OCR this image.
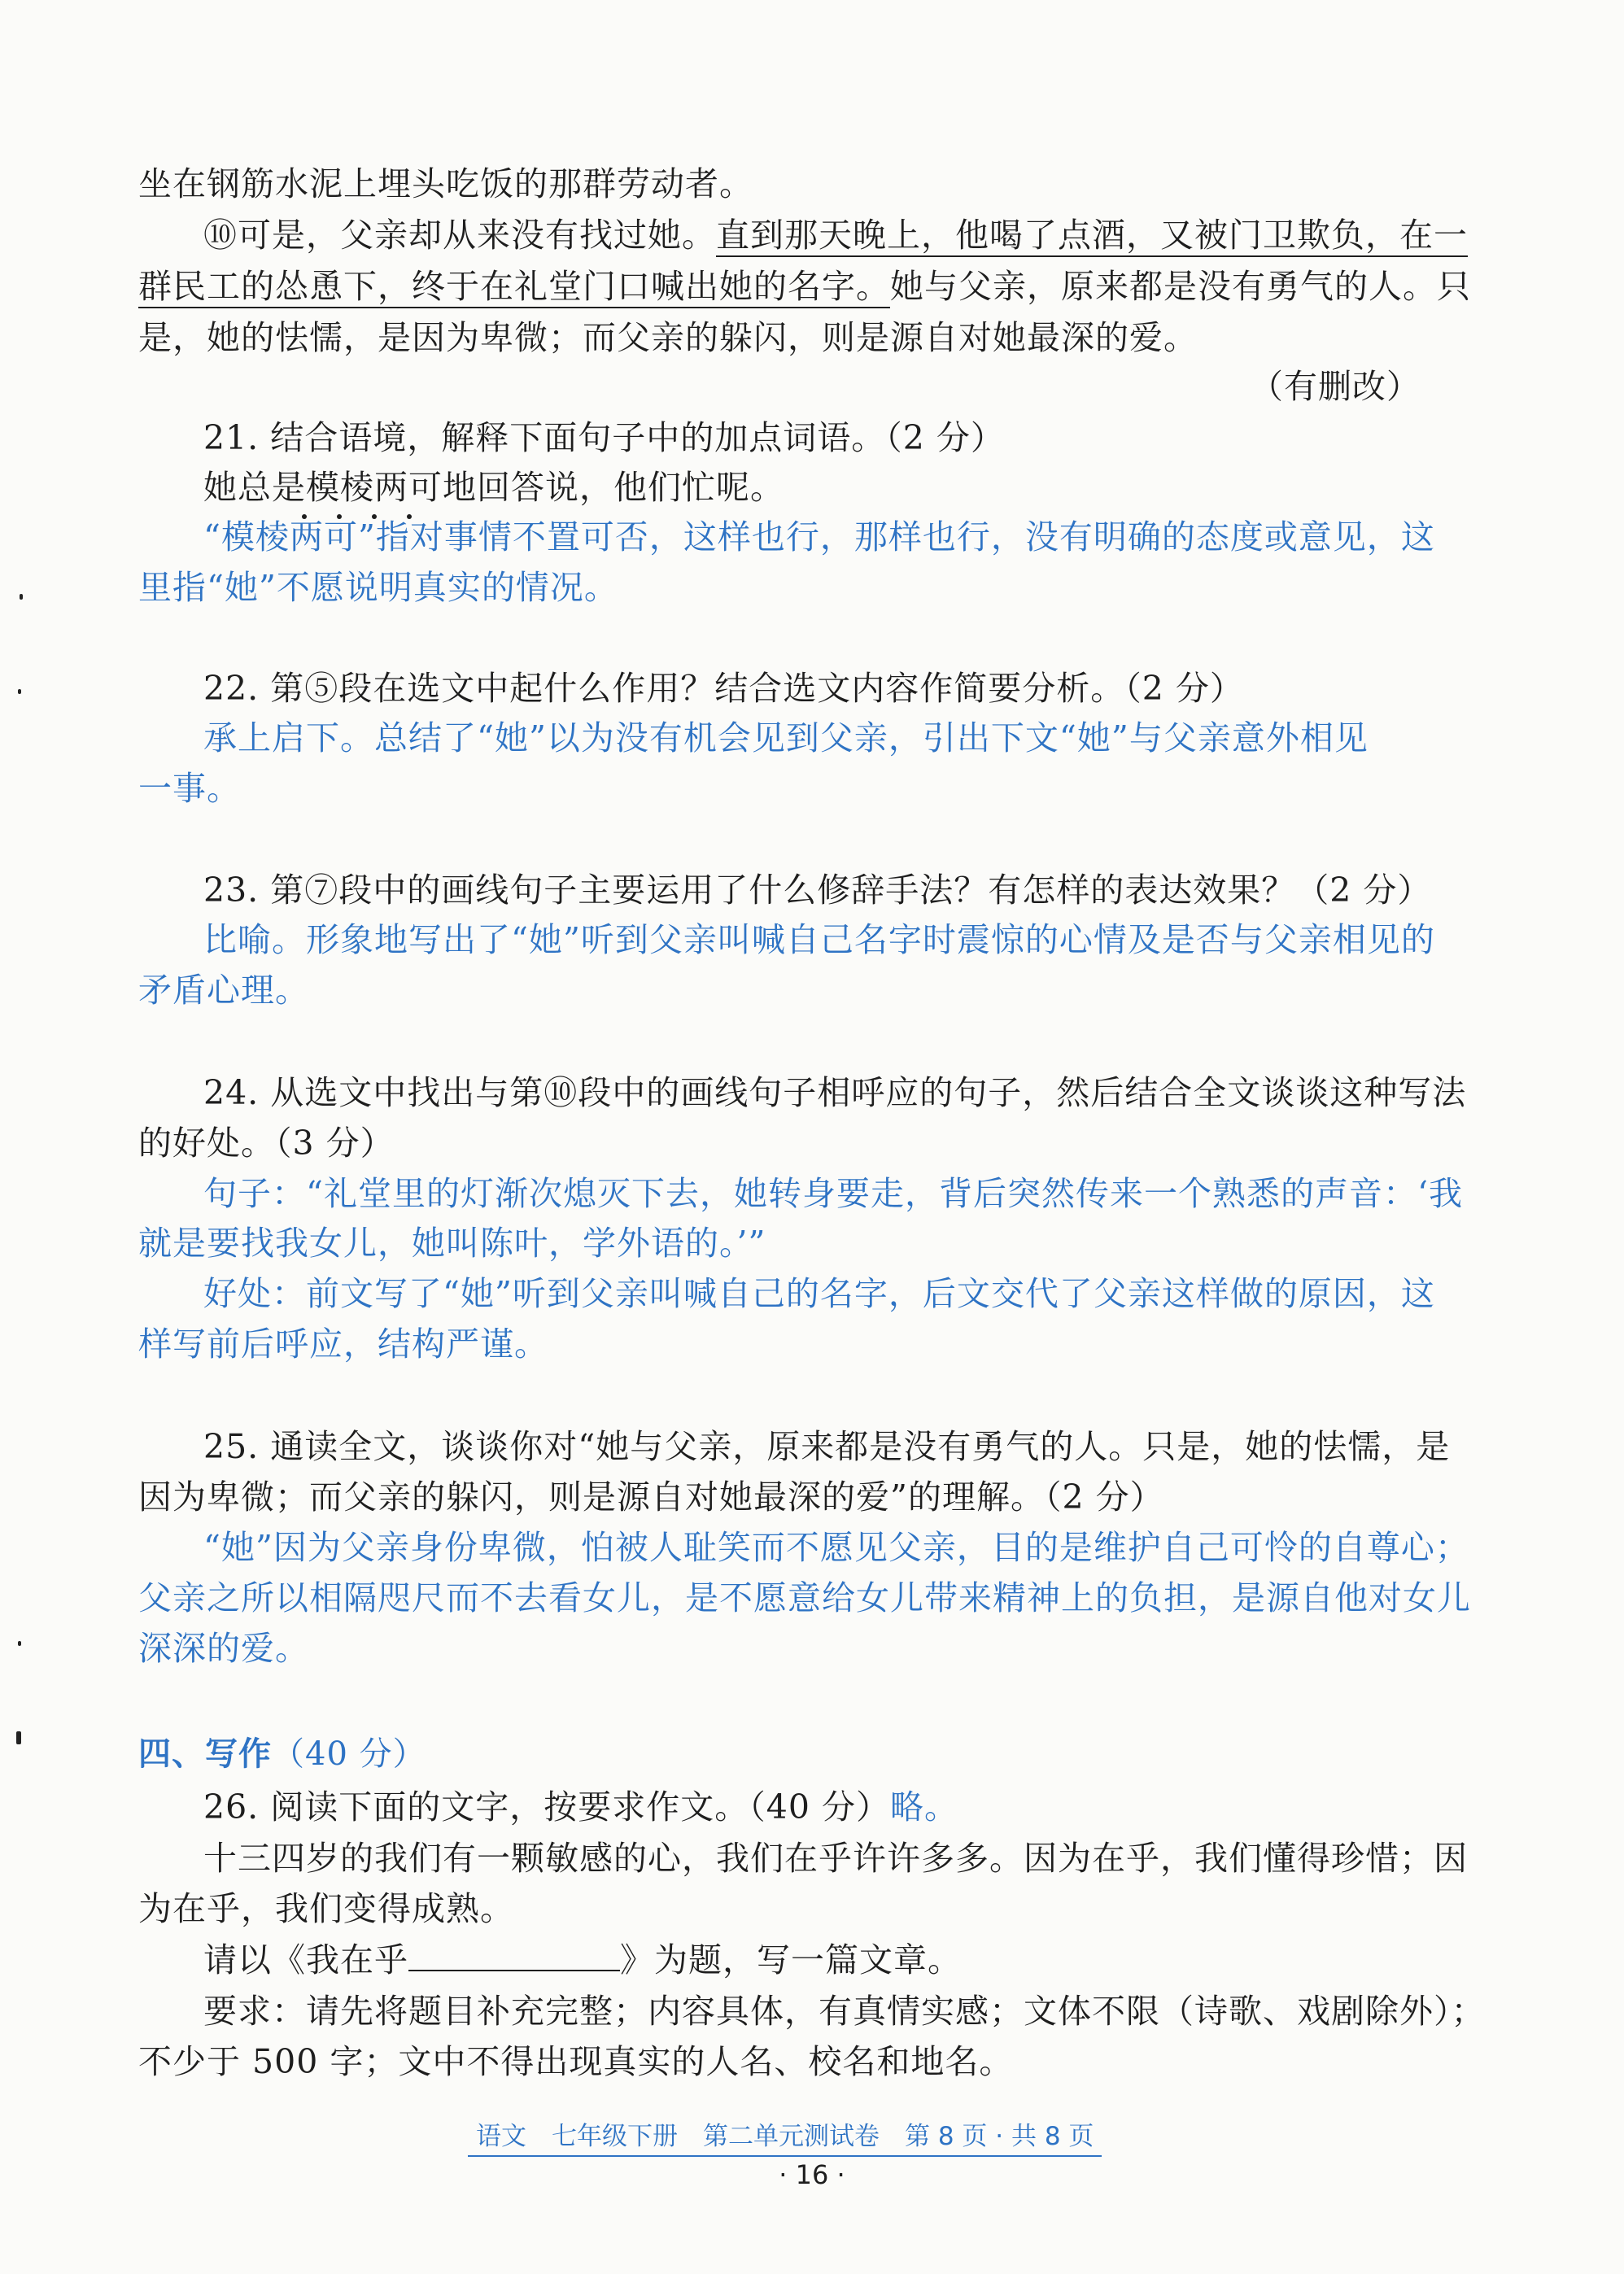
坐在钢筋水泥上埋头吃饭的那群劳动者。
⑩可是，父亲却从来没有找过她。直到那天晚上，他喝了点酒，又被门卫欺负，在一
群民工的怂恿下，终于在礼堂门口喊出她的名字。她与父亲，原来都是没有勇气的人。只
是，她的怯懦，是因为卑微；而父亲的躲闪，则是源自对她最深的爱。
（有删改）
21. 结合语境，解释下面句子中的加点词语。（2 分）
她总是模棱两可地回答说，他们忙呢。
“模棱两可”指对事情不置可否，这样也行，那样也行，没有明确的态度或意见，这
里指“她”不愿说明真实的情况。
22. 第⑤段在选文中起什么作用？结合选文内容作简要分析。（2 分）
承上启下。总结了“她”以为没有机会见到父亲，引出下文“她”与父亲意外相见
一事。
23. 第⑦段中的画线句子主要运用了什么修辞手法？有怎样的表达效果？（2 分）
比喻。形象地写出了“她”听到父亲叫喊自己名字时震惊的心情及是否与父亲相见的
矛盾心理。
24. 从选文中找出与第⑩段中的画线句子相呼应的句子，然后结合全文谈谈这种写法
的好处。（3 分）
句子：“礼堂里的灯渐次熄灭下去，她转身要走，背后突然传来一个熟悉的声音：‘我
就是要找我女儿，她叫陈叶，学外语的。’”
好处：前文写了“她”听到父亲叫喊自己的名字，后文交代了父亲这样做的原因，这
样写前后呼应，结构严谨。
25. 通读全文，谈谈你对“她与父亲，原来都是没有勇气的人。只是，她的怯懦，是
因为卑微；而父亲的躲闪，则是源自对她最深的爱”的理解。（2 分）
“她”因为父亲身份卑微，怕被人耻笑而不愿见父亲，目的是维护自己可怜的自尊心；
父亲之所以相隔咫尺而不去看女儿，是不愿意给女儿带来精神上的负担，是源自他对女儿
深深的爱。
四、写作（40 分）
26. 阅读下面的文字，按要求作文。（40 分）略。
十三四岁的我们有一颗敏感的心，我们在乎许许多多。因为在乎，我们懂得珍惜；因
为在乎，我们变得成熟。
请以《我在乎	》为题，写一篇文章。
要求：请先将题目补充完整；内容具体，有真情实感；文体不限（诗歌、戏剧除外）；
不少于 500 字；文中不得出现真实的人名、校名和地名。
语文　七年级下册　第二单元测试卷　第 8 页 · 共 8 页
· 16 ·
